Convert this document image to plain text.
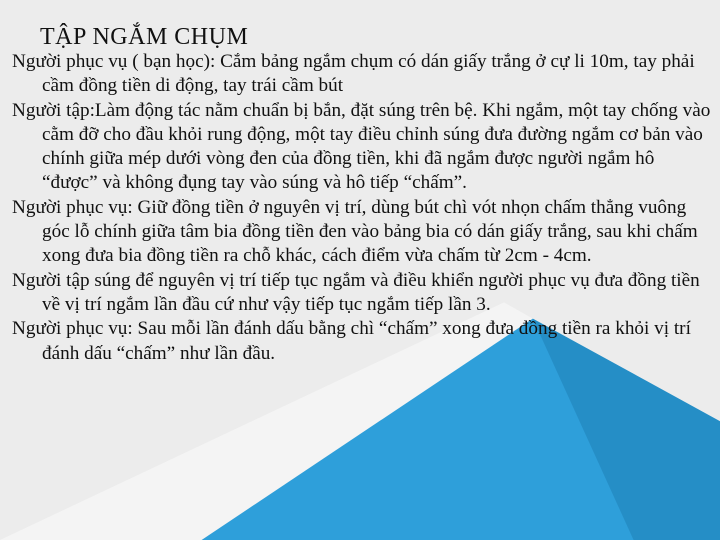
TẬP NGẮM CHỤM

Người phục vụ ( bạn học): Cắm bảng ngắm chụm có dán giấy trắng ở cự li 10m, tay phải cầm đồng tiền di động, tay trái cầm bút

Người tập:Làm động tác nằm chuẩn bị bắn, đặt súng trên bệ. Khi ngắm, một tay chống vào cằm đỡ cho đầu khỏi rung động, một tay điều chỉnh súng đưa đường ngắm cơ bản vào chính giữa mép dưới vòng đen của đồng tiền, khi đã ngắm được người ngắm hô “được” và không đụng tay vào súng và hô tiếp “chấm”.

Người phục vụ: Giữ đồng tiền ở nguyên vị trí, dùng bút chì vót nhọn chấm thẳng vuông góc lỗ chính giữa tâm bia đồng tiền đen vào bảng bia có dán giấy trắng, sau khi chấm xong đưa bia đồng tiền ra chỗ khác, cách điểm vừa chấm từ 2cm - 4cm.

Người tập súng để nguyên vị trí tiếp tục ngắm và điều khiển người phục vụ đưa đồng tiền về vị trí ngắm lần đầu cứ như vậy tiếp tục ngắm tiếp lần 3.

Người phục vụ: Sau mỗi lần đánh dấu bằng chì “chấm” xong đưa đồng tiền ra khỏi vị trí đánh dấu “chấm” như lần đầu.
